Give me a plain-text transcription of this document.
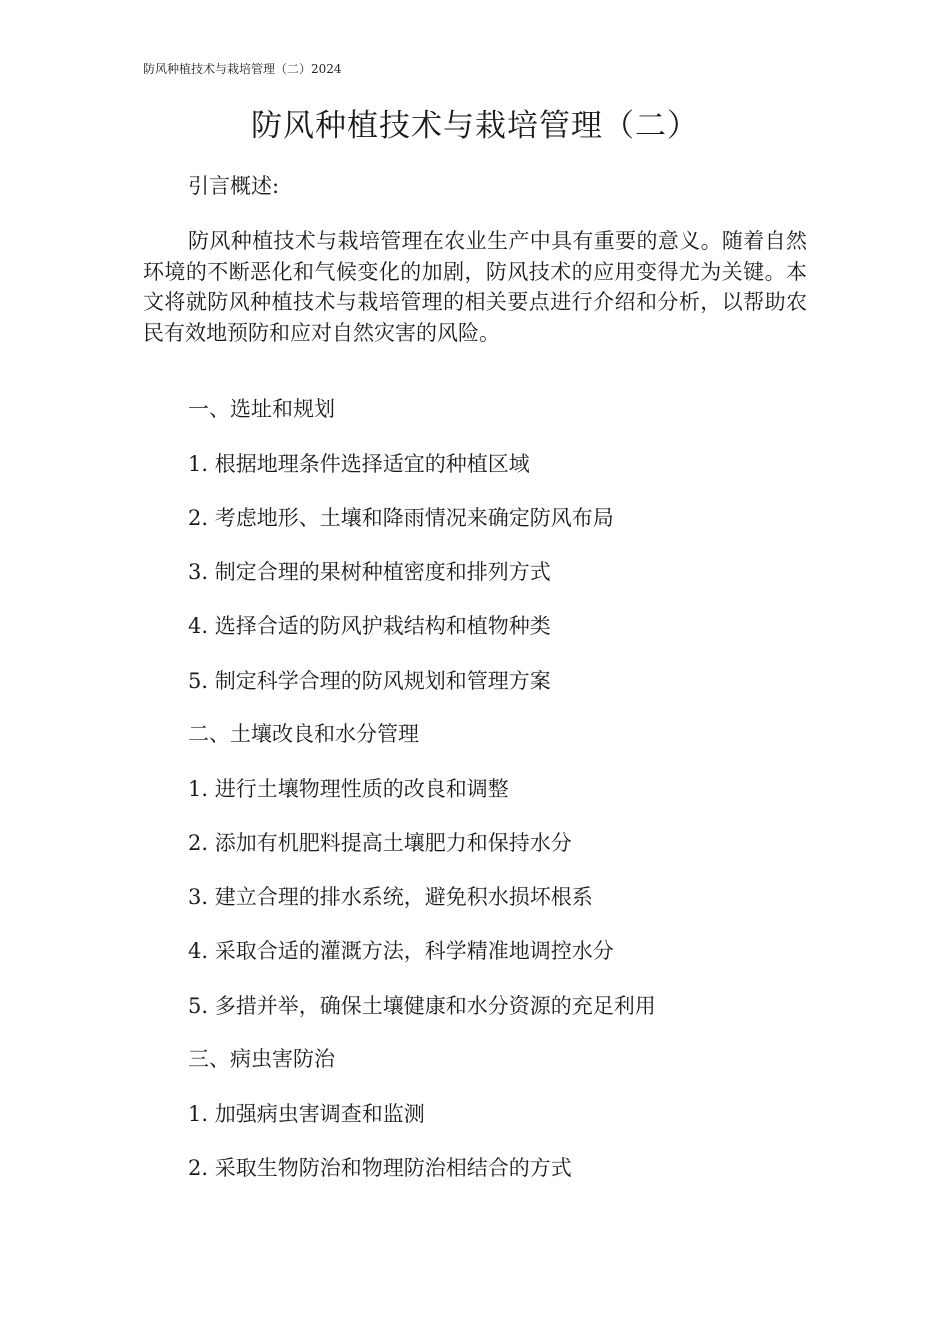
防风种植技术与栽培管理（二）2024
防风种植技术与栽培管理（二）

引言概述:

防风种植技术与栽培管理在农业生产中具有重要的意义。随着自然环境的不断恶化和气候变化的加剧，防风技术的应用变得尤为关键。本文将就防风种植技术与栽培管理的相关要点进行介绍和分析，以帮助农民有效地预防和应对自然灾害的风险。

一、选址和规划
1. 根据地理条件选择适宜的种植区域
2. 考虑地形、土壤和降雨情况来确定防风布局
3. 制定合理的果树种植密度和排列方式
4. 选择合适的防风护栽结构和植物种类
5. 制定科学合理的防风规划和管理方案
二、土壤改良和水分管理
1. 进行土壤物理性质的改良和调整
2. 添加有机肥料提高土壤肥力和保持水分
3. 建立合理的排水系统，避免积水损坏根系
4. 采取合适的灌溉方法，科学精准地调控水分
5. 多措并举，确保土壤健康和水分资源的充足利用
三、病虫害防治
1. 加强病虫害调查和监测
2. 采取生物防治和物理防治相结合的方式
